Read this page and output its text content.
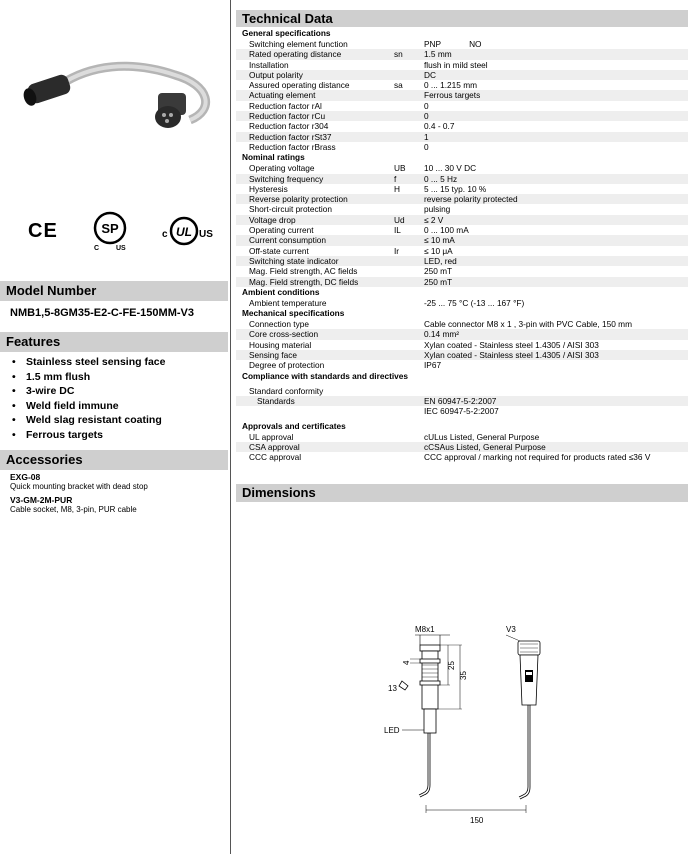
CE	SP
C US
c UL US
Model Number
NMB1,5-8GM35-E2-C-FE-150MM-V3
Features
• Stainless steel sensing face
• 1.5 mm flush
• 3-wire DC
• Weld field immune
• Weld slag resistant coating
• Ferrous targets
Accessories
EXG-08
Quick mounting bracket with dead stop
V3-GM-2M-PUR
Cable socket, M8, 3-pin, PUR cable
Technical Data
General specifications
Switching element function	PNP	NO
Rated operating distance	sn	1.5 mm
Installation	flush in mild steel
Output polarity	DC
Assured operating distance	sa	0 ... 1.215 mm
Actuating element	Ferrous targets
Reduction factor rAl	0
Reduction factor rCu	0
Reduction factor r304	0.4 - 0.7
Reduction factor rSt37	1
Reduction factor rBrass	0
Nominal ratings
Operating voltage	UB	10 ... 30 V DC
Switching frequency	f	0 ... 5 Hz
Hysteresis	H	5 ... 15 typ. 10 %
Reverse polarity protection	reverse polarity protected
Short-circuit protection	pulsing
Voltage drop	Ud	≤ 2 V
Operating current	IL	0 ... 100 mA
Current consumption	≤ 10 mA
Off-state current	Ir	≤ 10 μA
Switching state indicator	LED, red
Mag. Field strength, AC fields	250 mT
Mag. Field strength, DC fields	250 mT
Ambient conditions
Ambient temperature	-25 ... 75 °C (-13 ... 167 °F)
Mechanical specifications
Connection type	Cable connector M8 x 1 , 3-pin with PVC Cable, 150 mm
Core cross-section	0.14 mm²
Housing material	Xylan coated - Stainless steel 1.4305 / AISI 303
Sensing face	Xylan coated - Stainless steel 1.4305 / AISI 303
Degree of protection	IP67
Compliance with standards and directives
Standard conformity
Standards	EN 60947-5-2:2007
IEC 60947-5-2:2007
Approvals and certificates
UL approval	cULus Listed, General Purpose
CSA approval	cCSAus Listed, General Purpose
CCC approval	CCC approval / marking not required for products rated ≤36 V
Dimensions
M8x1
25
35
4
13
LED
V3
150
